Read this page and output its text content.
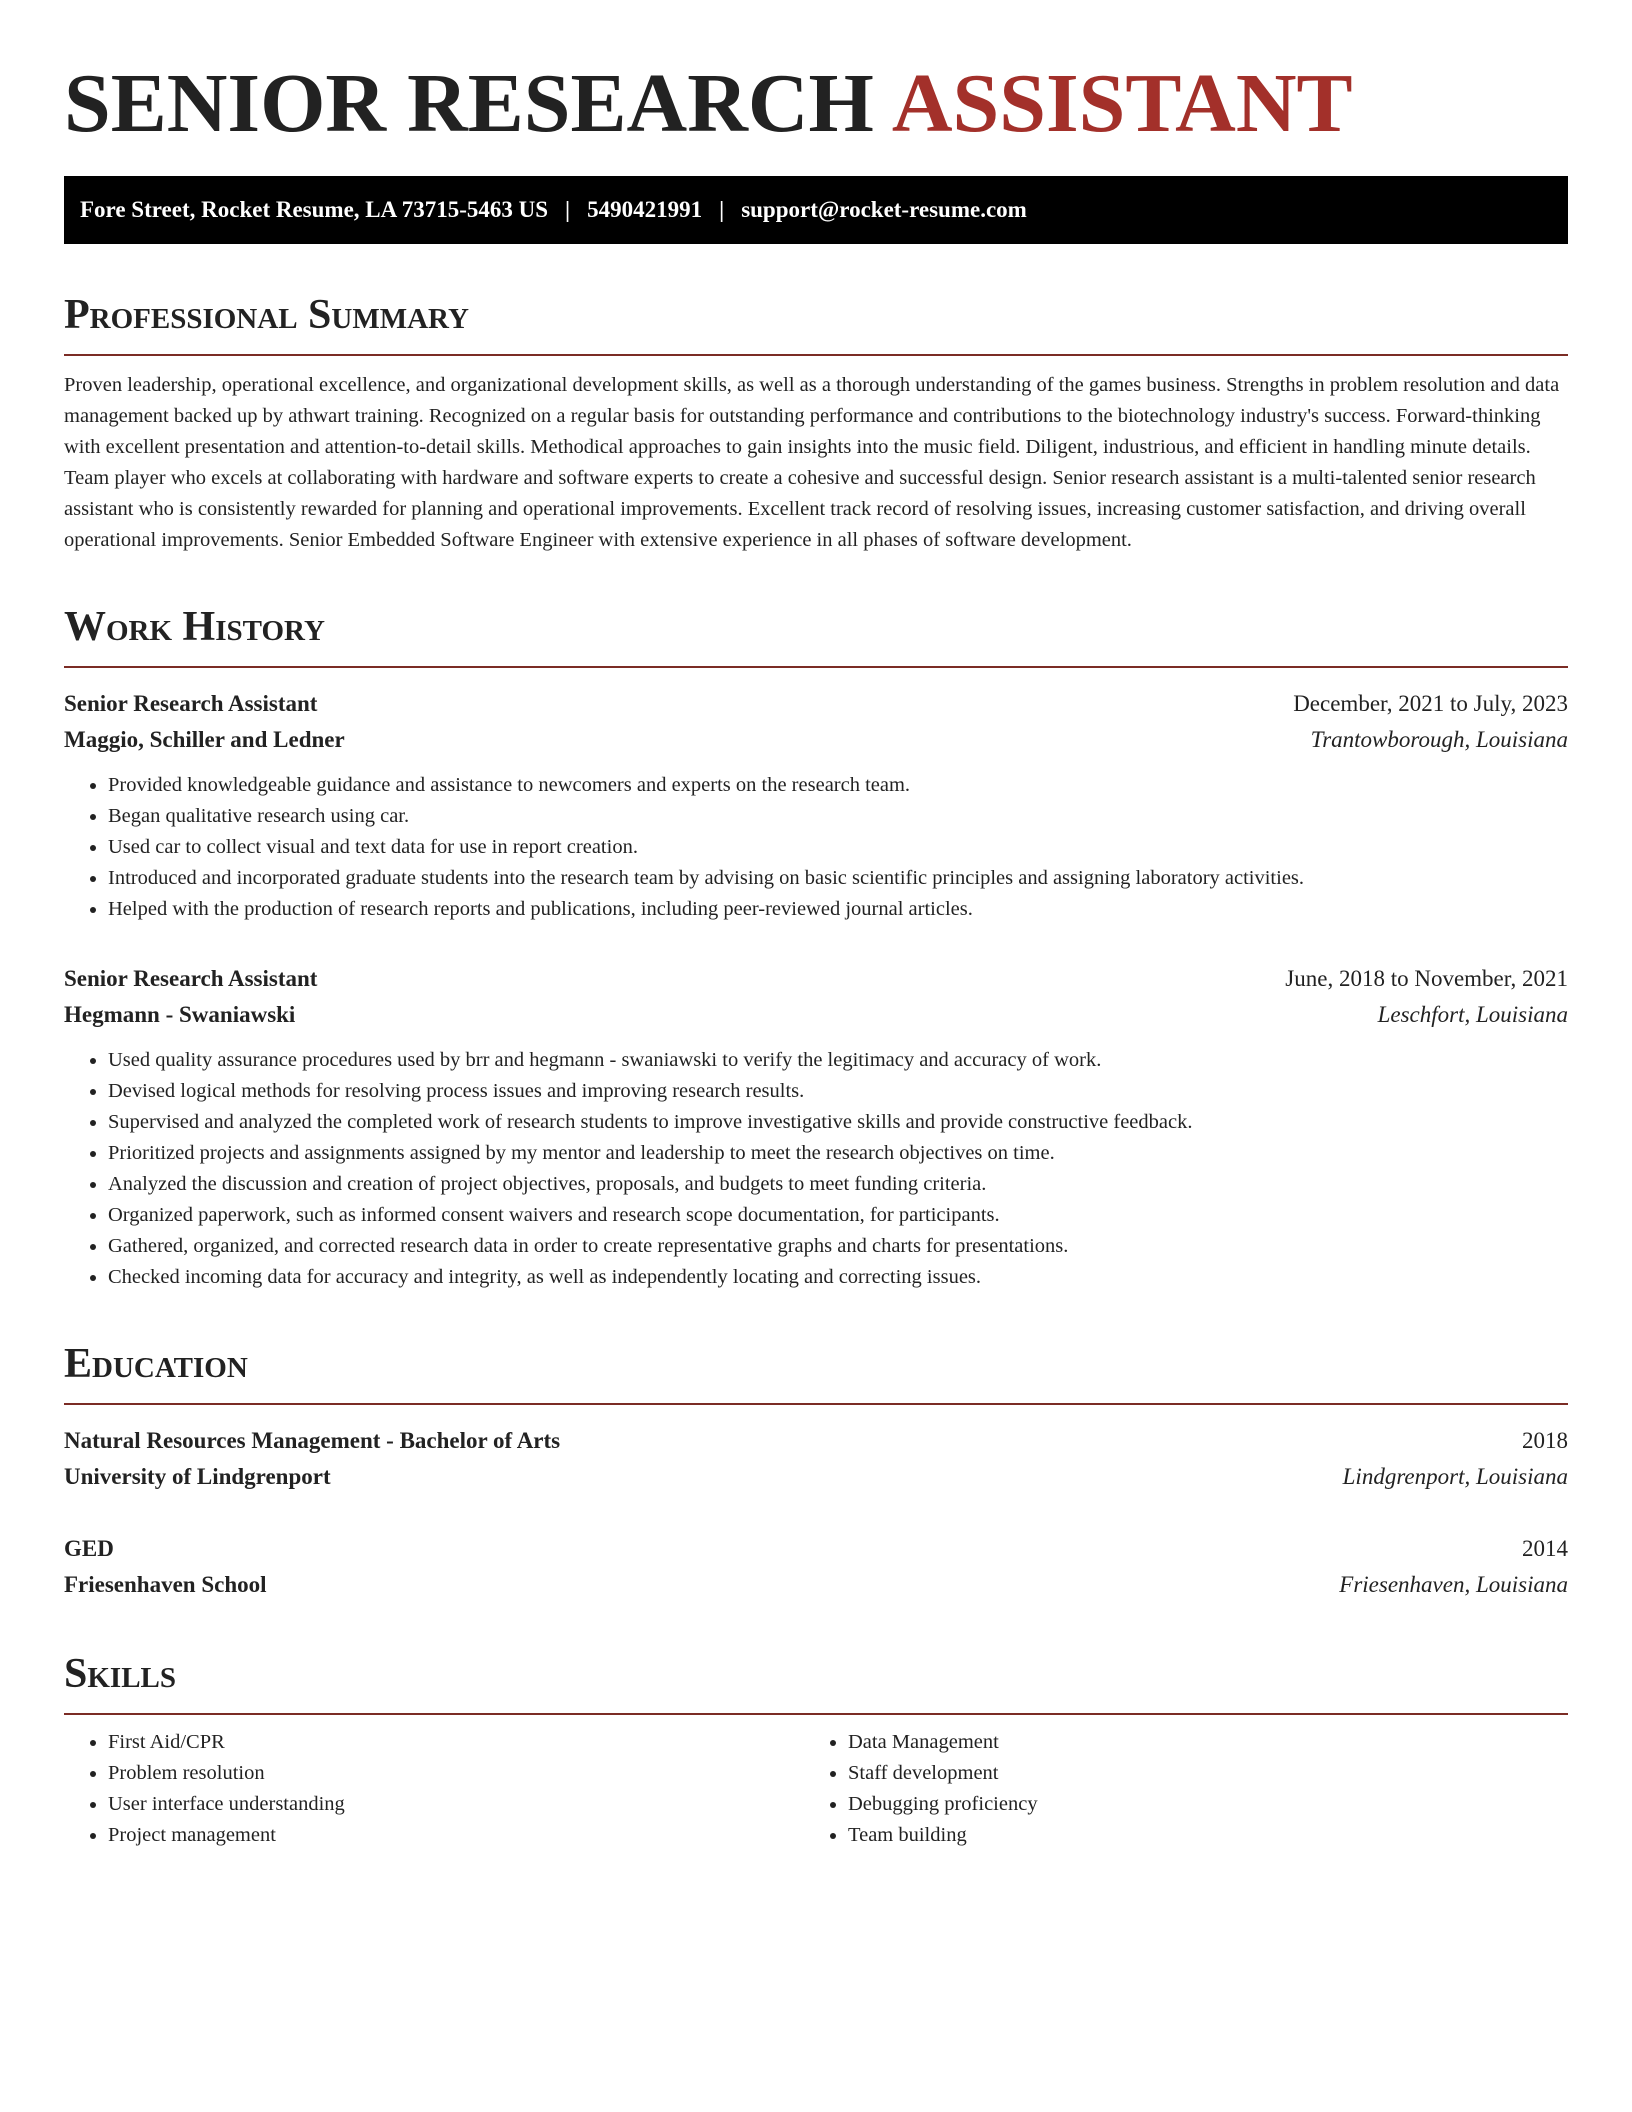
SENIOR RESEARCH ASSISTANT
Fore Street, Rocket Resume, LA 73715-5463 US | 5490421991 | support@rocket-resume.com
Professional Summary

Proven leadership, operational excellence, and organizational development skills, as well as a thorough understanding of the games business. Strengths in problem resolution and data management backed up by athwart training. Recognized on a regular basis for outstanding performance and contributions to the biotechnology industry's success. Forward-thinking with excellent presentation and attention-to-detail skills. Methodical approaches to gain insights into the music field. Diligent, industrious, and efficient in handling minute details. Team player who excels at collaborating with hardware and software experts to create a cohesive and successful design. Senior research assistant is a multi-talented senior research assistant who is consistently rewarded for planning and operational improvements. Excellent track record of resolving issues, increasing customer satisfaction, and driving overall operational improvements. Senior Embedded Software Engineer with extensive experience in all phases of software development.

Work History
Senior Research Assistant	December, 2021 to July, 2023
Maggio, Schiller and Ledner	Trantowborough, Louisiana
• Provided knowledgeable guidance and assistance to newcomers and experts on the research team.
• Began qualitative research using car.
• Used car to collect visual and text data for use in report creation.
• Introduced and incorporated graduate students into the research team by advising on basic scientific principles and assigning laboratory activities.
• Helped with the production of research reports and publications, including peer-reviewed journal articles.
Senior Research Assistant	June, 2018 to November, 2021
Hegmann - Swaniawski	Leschfort, Louisiana
• Used quality assurance procedures used by brr and hegmann - swaniawski to verify the legitimacy and accuracy of work.
• Devised logical methods for resolving process issues and improving research results.
• Supervised and analyzed the completed work of research students to improve investigative skills and provide constructive feedback.
• Prioritized projects and assignments assigned by my mentor and leadership to meet the research objectives on time.
• Analyzed the discussion and creation of project objectives, proposals, and budgets to meet funding criteria.
• Organized paperwork, such as informed consent waivers and research scope documentation, for participants.
• Gathered, organized, and corrected research data in order to create representative graphs and charts for presentations.
• Checked incoming data for accuracy and integrity, as well as independently locating and correcting issues.
Education
Natural Resources Management - Bachelor of Arts	2018
University of Lindgrenport	Lindgrenport, Louisiana
GED	2014
Friesenhaven School	Friesenhaven, Louisiana
Skills
• First Aid/CPR
• Problem resolution
• User interface understanding
• Project management
• Data Management
• Staff development
• Debugging proficiency
• Team building
